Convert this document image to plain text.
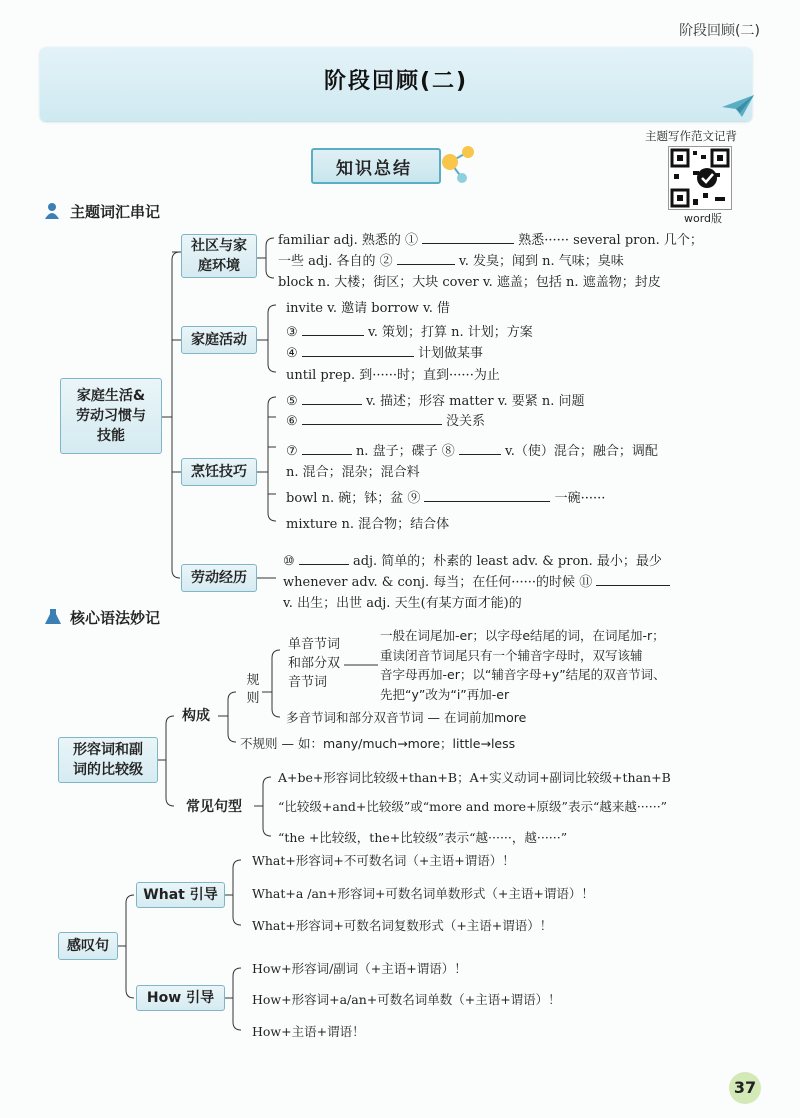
阶段回顾(二)
阶段回顾(二)
主题写作范文记背
word版
知识总结
主题词汇串记
家庭生活&
劳动习惯与
技能
社区与家
庭环境
familiar adj. 熟悉的 ①	熟悉······ several pron. 几个；
一些 adj. 各自的 ②	v. 发臭；闻到 n. 气味；臭味
block n. 大楼；街区；大块 cover v. 遮盖；包括 n. 遮盖物；封皮
家庭活动
invite v. 邀请 borrow v. 借
③	v. 策划；打算 n. 计划；方案
④	计划做某事
until prep. 到······时；直到······为止
烹饪技巧
⑤	v. 描述；形容 matter v. 要紧 n. 问题
⑥	没关系
⑦	n. 盘子；碟子 ⑧	v.（使）混合；融合；调配
n. 混合；混杂；混合料
bowl n. 碗；钵；盆 ⑨	一碗······
mixture n. 混合物；结合体
劳动经历
⑩	adj. 简单的；朴素的 least adv. & pron. 最小；最少
whenever adv. & conj. 每当；在任何······的时候 ⑪
v. 出生；出世 adj. 天生(有某方面才能)的
核心语法妙记
形容词和副
词的比较级
构成
规则
单音节词
和部分双
音节词
一般在词尾加-er；以字母e结尾的词，在词尾加-r；
重读闭音节词尾只有一个辅音字母时，双写该辅
音字母再加-er；以“辅音字母+y”结尾的双音节词、
先把“y”改为“i”再加-er
多音节词和部分双音节词 — 在词前加more
不规则 — 如：many/much→more；little→less
常见句型
A+be+形容词比较级+than+B；A+实义动词+副词比较级+than+B
“比较级+and+比较级”或“more and more+原级”表示“越来越······”
“the +比较级，the+比较级”表示“越······，越······”
感叹句
What 引导
What+形容词+不可数名词（+主语+谓语）！
What+a /an+形容词+可数名词单数形式（+主语+谓语）！
What+形容词+可数名词复数形式（+主语+谓语）！
How 引导
How+形容词/副词（+主语+谓语）！
How+形容词+a/an+可数名词单数（+主语+谓语）！
How+主语+谓语！
37
